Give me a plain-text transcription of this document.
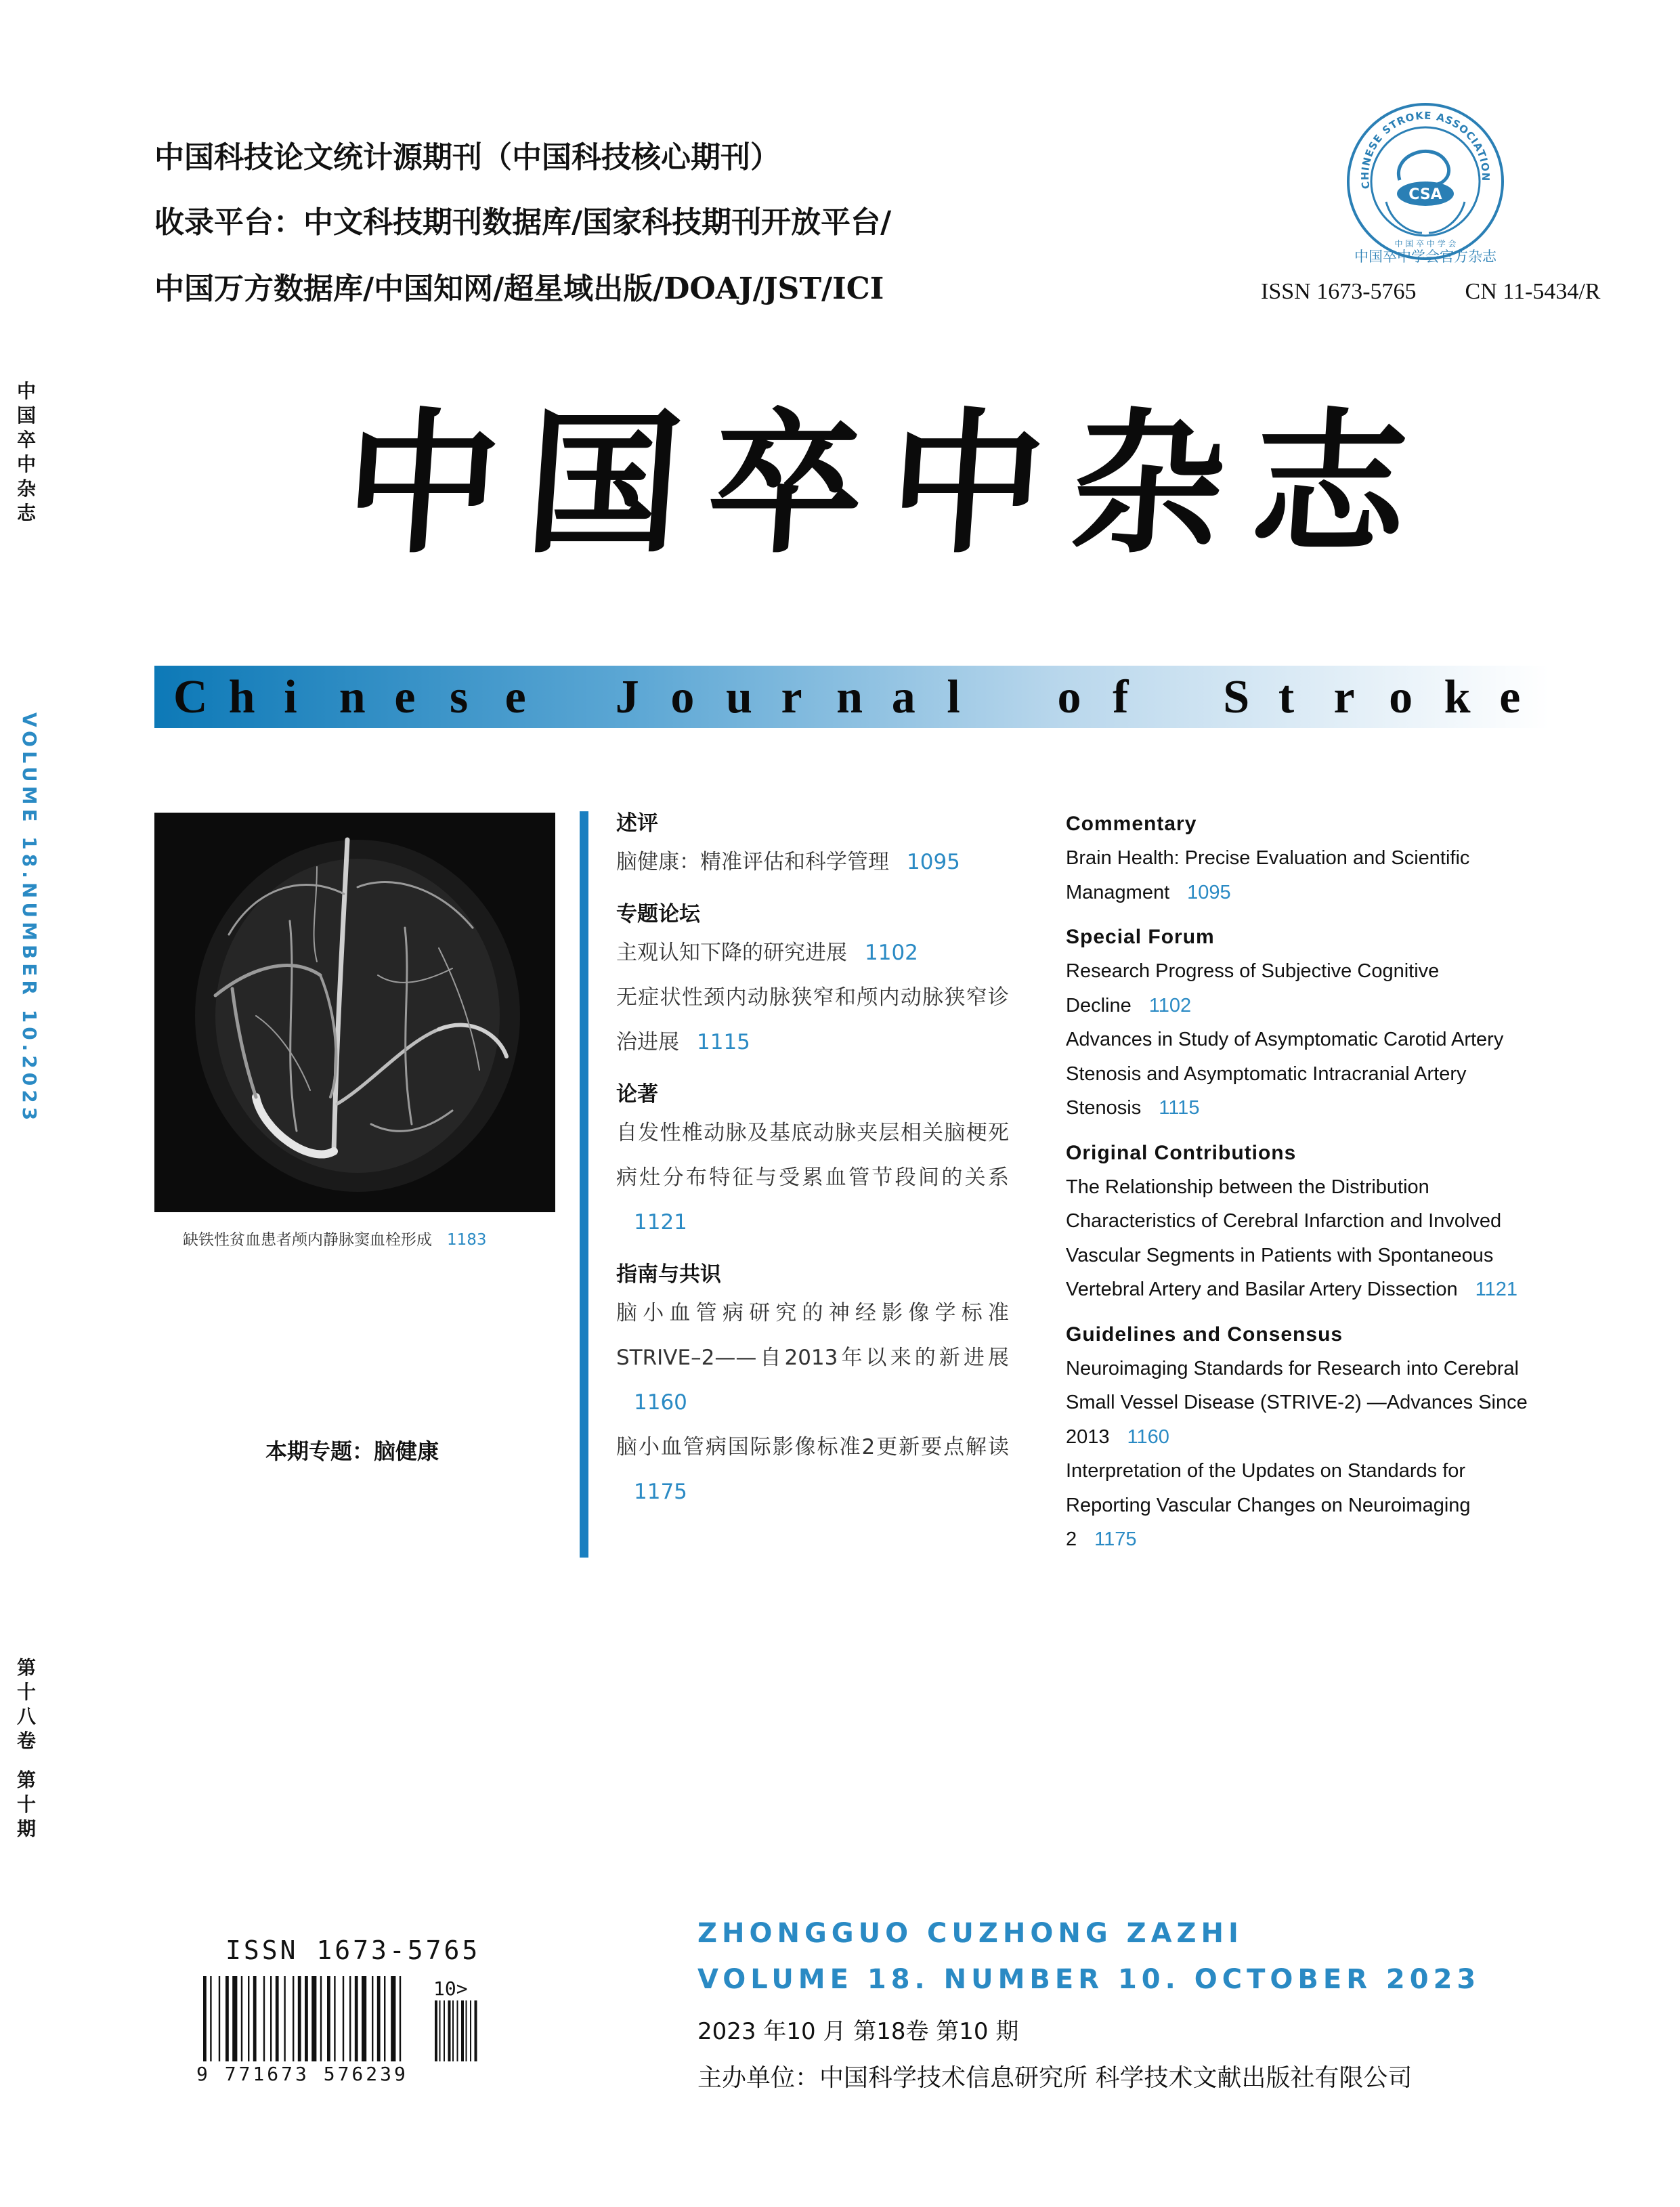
中国科技论文统计源期刊（中国科技核心期刊）
收录平台：中文科技期刊数据库/国家科技期刊开放平台/
中国万方数据库/中国知网/超星域出版/DOAJ/JST/ICI
CHINESE STROKE ASSOCIATION
CSA
中 国 卒 中 学 会
中国卒中学会官方杂志
ISSN 1673-5765 CN 11-5434/R
中
国
卒
中
杂
志
VOLUME 18.NUMBER 10.2023
第
十
八
卷
第
十
期
中国卒中杂志
C h i n e s e J o u r n a l o f S t r o k e
缺铁性贫血患者颅内静脉窦血栓形成 1183
本期专题：脑健康
述评
脑健康：精准评估和科学管理 1095
专题论坛
主观认知下降的研究进展 1102
无症状性颈内动脉狭窄和颅内动脉狭窄诊治进展 1115
论著
自发性椎动脉及基底动脉夹层相关脑梗死病灶分布特征与受累血管节段间的关系1121
指南与共识
脑小血管病研究的神经影像学标准STRIVE–2——自2013年以来的新进展1160
脑小血管病国际影像标准2更新要点解读1175
Commentary
Brain Health: Precise Evaluation and Scientific Managment 1095
Special Forum
Research Progress of Subjective Cognitive Decline 1102
Advances in Study of Asymptomatic Carotid Artery Stenosis and Asymptomatic Intracranial Artery Stenosis 1115
Original Contributions
The Relationship between the Distribution Characteristics of Cerebral Infarction and Involved Vascular Segments in Patients with Spontaneous Vertebral Artery and Basilar Artery Dissection 1121
Guidelines and Consensus
Neuroimaging Standards for Research into Cerebral Small Vessel Disease (STRIVE-2) —Advances Since 2013 1160
Interpretation of the Updates on Standards for Reporting Vascular Changes on Neuroimaging 2 1175
ISSN 1673-5765
10>
9 771673 576239
ZHONGGUO CUZHONG ZAZHI
VOLUME 18. NUMBER 10. OCTOBER 2023
2023 年10 月 第18卷 第10 期
主办单位：中国科学技术信息研究所 科学技术文献出版社有限公司
